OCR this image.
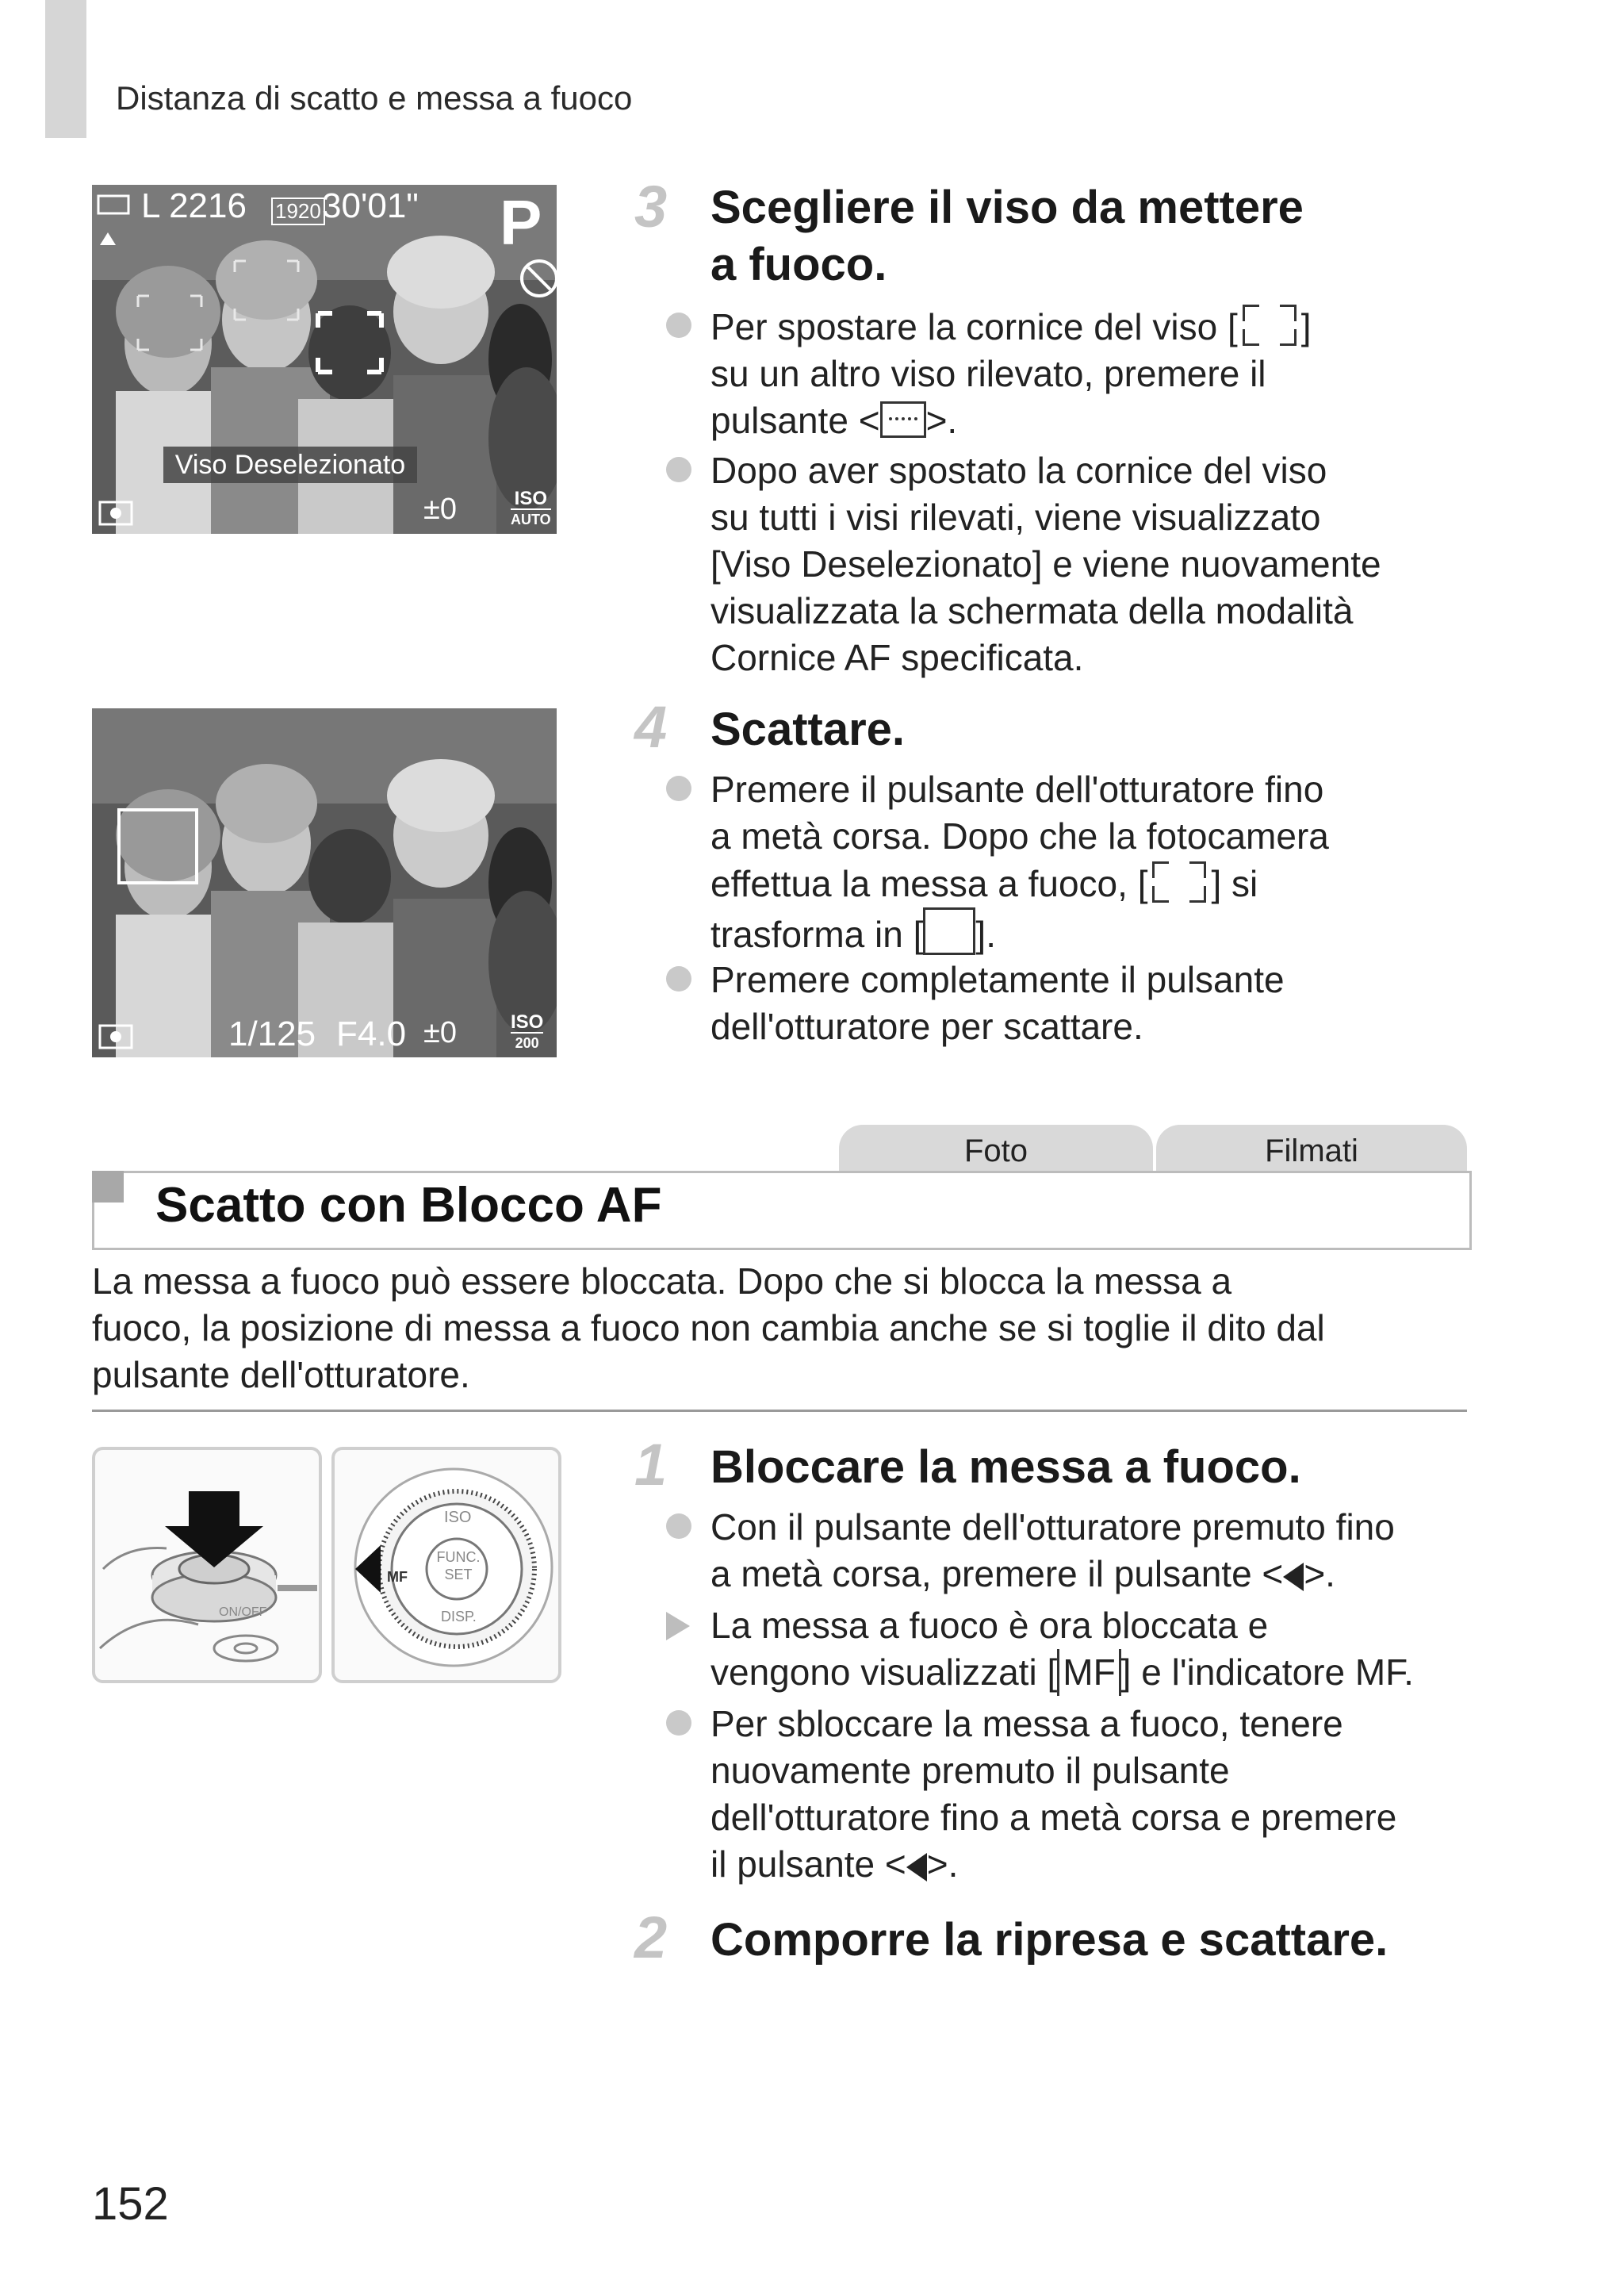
Distanza di scatto e messa a fuoco
L 2216 1920 30'01" P
Viso Deselezionato
±0	ISO
AUTO
1/125 F4.0 ±0	ISO
200
3 Scegliere il viso da mettere
a fuoco.
Per spostare la cornice del viso [ ]
su un altro viso rilevato, premere il
pulsante < >.
Dopo aver spostato la cornice del viso
su tutti i visi rilevati, viene visualizzato
[Viso Deselezionato] e viene nuovamente
visualizzata la schermata della modalità
Cornice AF specificata.
4 Scattare.
Premere il pulsante dell'otturatore fino
a metà corsa. Dopo che la fotocamera
effettua la messa a fuoco, [ ] si
trasforma in [ ].
Premere completamente il pulsante
dell'otturatore per scattare.
Foto	Filmati
Scatto con Blocco AF
La messa a fuoco può essere bloccata. Dopo che si blocca la messa a
fuoco, la posizione di messa a fuoco non cambia anche se si toglie il dito dal
pulsante dell'otturatore.
ON/OFF
ISO
FUNC.
SET
DISP.
MF
1 Bloccare la messa a fuoco.
Con il pulsante dell'otturatore premuto fino
a metà corsa, premere il pulsante < >.
La messa a fuoco è ora bloccata e
vengono visualizzati [ MF ] e l'indicatore MF.
Per sbloccare la messa a fuoco, tenere
nuovamente premuto il pulsante
dell'otturatore fino a metà corsa e premere
il pulsante < >.
2 Comporre la ripresa e scattare.
152
